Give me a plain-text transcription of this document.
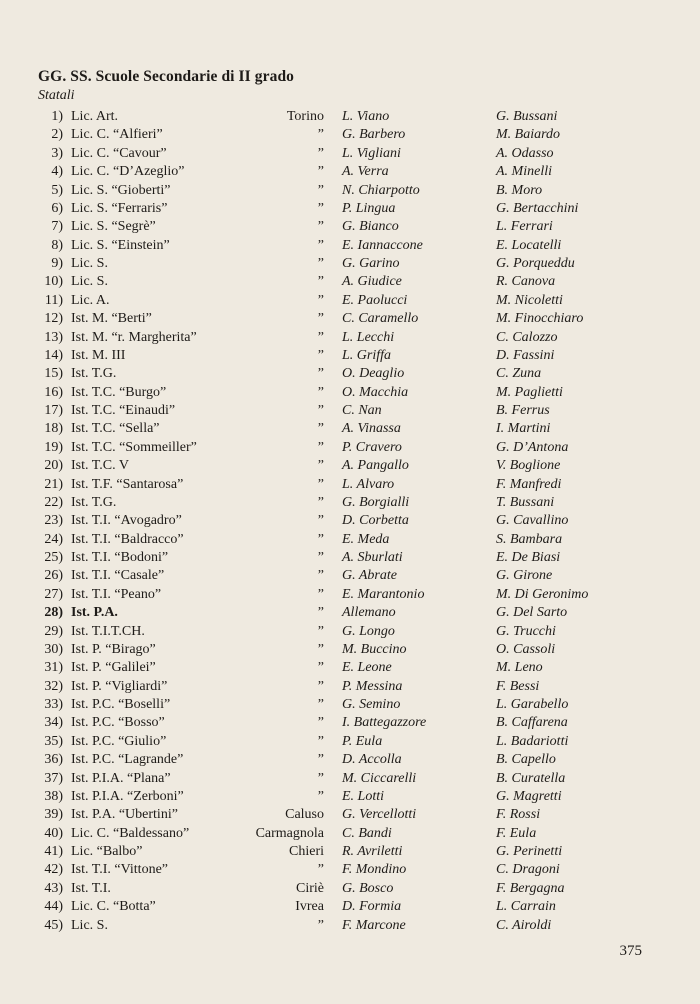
GG. SS. Scuole Secondarie di II grado
Statali
1) Lic. Art.	Torino L. Viano	G. Bussani
2) Lic. C. “Alfieri”	” G. Barbero	M. Baiardo
3) Lic. C. “Cavour”	” L. Vigliani	A. Odasso
4) Lic. C. “D’Azeglio”	” A. Verra	A. Minelli
5) Lic. S. “Gioberti”	” N. Chiarpotto	B. Moro
6) Lic. S. “Ferraris”	” P. Lingua	G. Bertacchini
7) Lic. S. “Segrè”	” G. Bianco	L. Ferrari
8) Lic. S. “Einstein”	” E. Iannaccone	E. Locatelli
9) Lic. S.	” G. Garino	G. Porqueddu
10) Lic. S.	” A. Giudice	R. Canova
11) Lic. A.	” E. Paolucci	M. Nicoletti
12) Ist. M. “Berti”	” C. Caramello	M. Finocchiaro
13) Ist. M. “r. Margherita”	” L. Lecchi	C. Calozzo
14) Ist. M. III	” L. Griffa	D. Fassini
15) Ist. T.G.	” O. Deaglio	C. Zuna
16) Ist. T.C. “Burgo”	” O. Macchia	M. Paglietti
17) Ist. T.C. “Einaudi”	” C. Nan	B. Ferrus
18) Ist. T.C. “Sella”	” A. Vinassa	I. Martini
19) Ist. T.C. “Sommeiller”	” P. Cravero	G. D’Antona
20) Ist. T.C. V	” A. Pangallo	V. Boglione
21) Ist. T.F. “Santarosa”	” L. Alvaro	F. Manfredi
22) Ist. T.G.	” G. Borgialli	T. Bussani
23) Ist. T.I. “Avogadro”	” D. Corbetta	G. Cavallino
24) Ist. T.I. “Baldracco”	” E. Meda	S. Bambara
25) Ist. T.I. “Bodoni”	” A. Sburlati	E. De Biasi
26) Ist. T.I. “Casale”	” G. Abrate	G. Girone
27) Ist. T.I. “Peano”	” E. Marantonio	M. Di Geronimo
28) Ist. P.A.	” Allemano	G. Del Sarto
29) Ist. T.I.T.CH.	” G. Longo	G. Trucchi
30) Ist. P. “Birago”	” M. Buccino	O. Cassoli
31) Ist. P. “Galilei”	” E. Leone	M. Leno
32) Ist. P. “Vigliardi”	” P. Messina	F. Bessi
33) Ist. P.C. “Boselli”	” G. Semino	L. Garabello
34) Ist. P.C. “Bosso”	” I. Battegazzore	B. Caffarena
35) Ist. P.C. “Giulio”	” P. Eula	L. Badariotti
36) Ist. P.C. “Lagrande”	” D. Accolla	B. Capello
37) Ist. P.I.A. “Plana”	” M. Ciccarelli	B. Curatella
38) Ist. P.I.A. “Zerboni”	” E. Lotti	G. Magretti
39) Ist. P.A. “Ubertini”	Caluso G. Vercellotti	F. Rossi
40) Lic. C. “Baldessano”	Carmagnola C. Bandi	F. Eula
41) Lic. “Balbo”	Chieri R. Avriletti	G. Perinetti
42) Ist. T.I. “Vittone”	” F. Mondino	C. Dragoni
43) Ist. T.I.	Ciriè G. Bosco	F. Bergagna
44) Lic. C. “Botta”	Ivrea D. Formia	L. Carrain
45) Lic. S.	” F. Marcone	C. Airoldi
375
